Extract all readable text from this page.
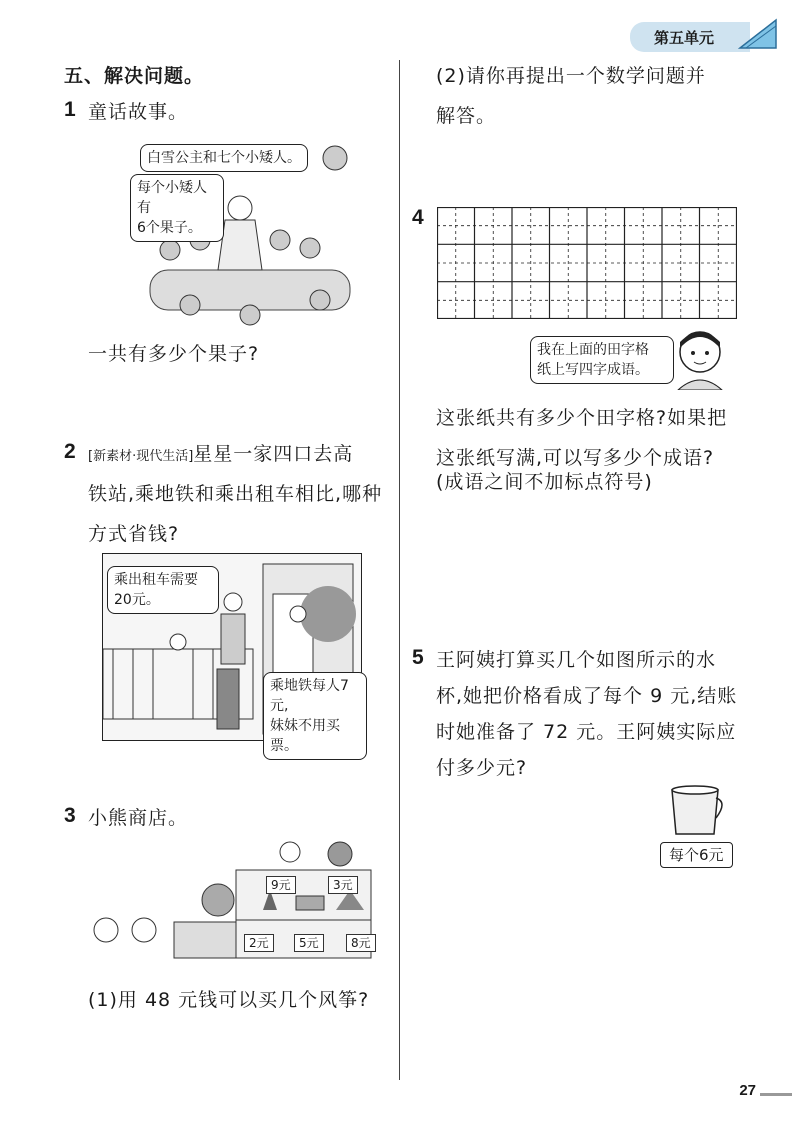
第五单元
五、解决问题。
1 童话故事。
白雪公主和七个小矮人。
每个小矮人有
6个果子。
一共有多少个果子?
2 [新素材·现代生活]星星一家四口去高
铁站,乘地铁和乘出租车相比,哪种
方式省钱?
乘出租车需要
20元。
乘地铁每人7元,
妹妹不用买票。
3 小熊商店。
9元	3元
2元	5元	8元
(1)用 48 元钱可以买几个风筝?
(2)请你再提出一个数学问题并
解答。
4
我在上面的田字格
纸上写四字成语。
这张纸共有多少个田字格?如果把
这张纸写满,可以写多少个成语?
(成语之间不加标点符号)
5 王阿姨打算买几个如图所示的水
杯,她把价格看成了每个 9 元,结账
时她准备了 72 元。王阿姨实际应
付多少元?
每个6元
27
